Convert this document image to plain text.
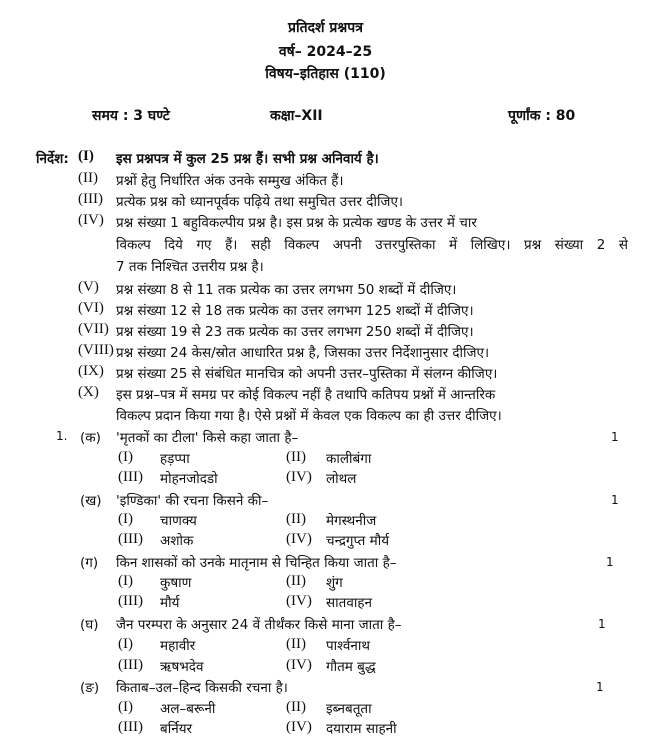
प्रतिदर्श प्रश्नपत्र
वर्ष– 2024–25
विषय–इतिहास (110)
समय : 3 घण्टे	कक्षा–XII	पूर्णांक : 80
निर्देश: (I) इस प्रश्नपत्र में कुल 25 प्रश्न हैं। सभी प्रश्न अनिवार्य है।
(II) प्रश्नों हेतु निर्धारित अंक उनके सम्मुख अंकित हैं।
(III) प्रत्येक प्रश्न को ध्यानपूर्वक पढ़िये तथा समुचित उत्तर दीजिए।
(IV) प्रश्न संख्या 1 बहुविकल्पीय प्रश्न है। इस प्रश्न के प्रत्येक खण्ड के उत्तर में चार
विकल्प दिये गए हैं। सही विकल्प अपनी उत्तरपुस्तिका में लिखिए। प्रश्न संख्या 2 से
7 तक निश्चित उत्तरीय प्रश्न है।
(V) प्रश्न संख्या 8 से 11 तक प्रत्येक का उत्तर लगभग 50 शब्दों में दीजिए।
(VI) प्रश्न संख्या 12 से 18 तक प्रत्येक का उत्तर लगभग 125 शब्दों में दीजिए।
(VII) प्रश्न संख्या 19 से 23 तक प्रत्येक का उत्तर लगभग 250 शब्दों में दीजिए।
(VIII) प्रश्न संख्या 24 केस/स्रोत आधारित प्रश्न है, जिसका उत्तर निर्देशानुसार दीजिए।
(IX) प्रश्न संख्या 25 से संबंधित मानचित्र को अपनी उत्तर–पुस्तिका में संलग्न कीजिए।
(X) इस प्रश्न–पत्र में समग्र पर कोई विकल्प नहीं है तथापि कतिपय प्रश्नों में आन्तरिक
विकल्प प्रदान किया गया है। ऐसे प्रश्नों में केवल एक विकल्प का ही उत्तर दीजिए।
1. (क) 'मृतकों का टीला' किसे कहा जाता है–	1
(I) हड़प्पा	(II) कालीबंगा
(III) मोहनजोदडो	(IV) लोथल
(ख) 'इण्डिका' की रचना किसने की–	1
(I) चाणक्य	(II) मेगस्थनीज
(III) अशोक	(IV) चन्द्रगुप्त मौर्य
(ग) किन शासकों को उनके मातृनाम से चिन्हित किया जाता है–	1
(I) कुषाण	(II) शुंग
(III) मौर्य	(IV) सातवाहन
(घ) जैन परम्परा के अनुसार 24 वें तीर्थंकर किसे माना जाता है–	1
(I) महावीर	(II) पार्श्वनाथ
(III) ऋषभदेव	(IV) गौतम बुद्ध
(ङ) किताब–उल–हिन्द किसकी रचना है।	1
(I) अल–बरूनी	(II) इब्नबतूता
(III) बर्नियर	(IV) दयाराम साहनी
